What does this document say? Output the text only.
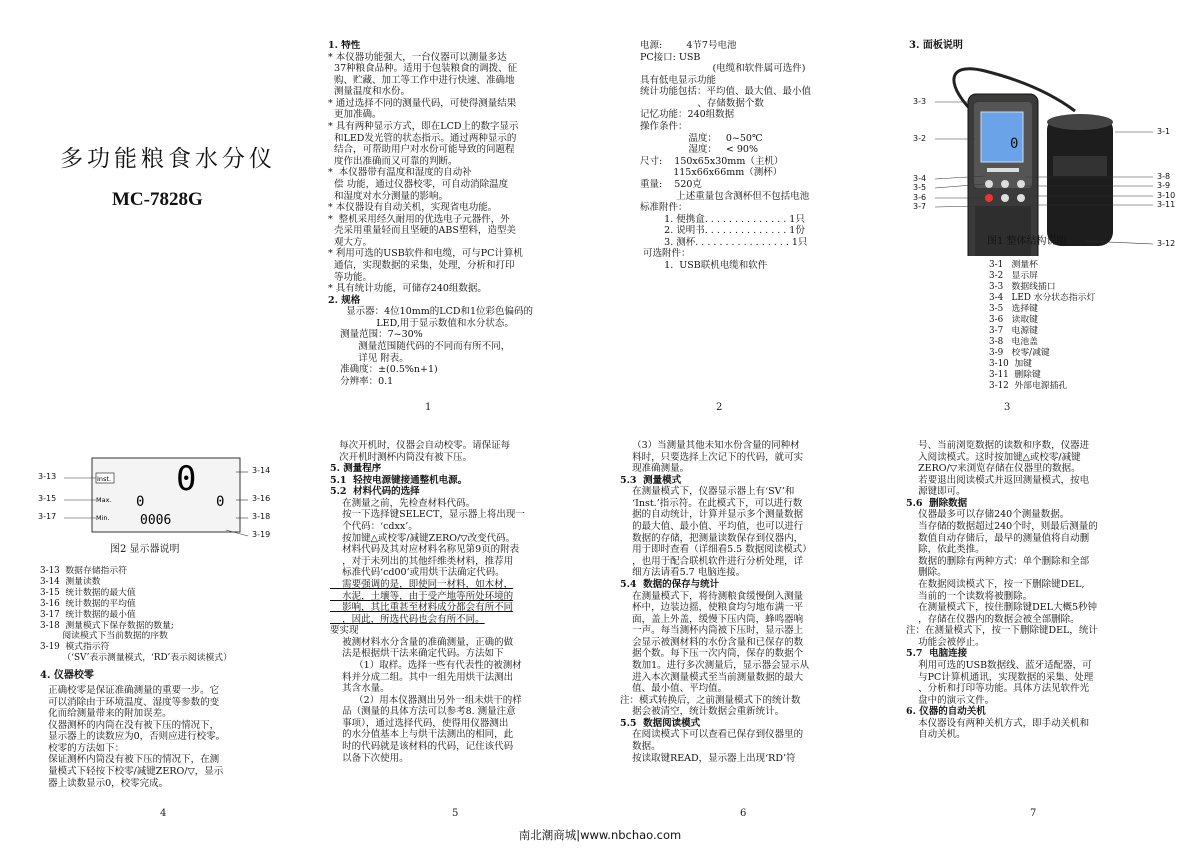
多功能粮食水分仪
MC-7828G
1. 特性
* 本仪器功能强大，一台仪器可以测量多达
37种粮食品种。适用于包装粮食的调拨、征
购、贮藏、加工等工作中进行快速、准确地
测量温度和水份。
* 通过选择不同的测量代码，可使得测量结果
更加准确。
* 具有两种显示方式，即在LCD上的数字显示
和LED发光管的状态指示。通过两种显示的
结合，可帮助用户对水份可能导致的问题程
度作出准确而又可靠的判断。
*  本仪器带有温度和湿度的自动补
偿 功能，通过仪器校零，可自动消除温度
和湿度对水分测量的影响。
* 本仪器设有自动关机，实现省电功能。
*  整机采用经久耐用的优选电子元器件，外
壳采用重量轻而且坚硬的ABS塑料，造型美
观大方。
* 利用可选的USB软件和电缆，可与PC计算机
通信，实现数据的采集，处理，分析和打印
等功能。
* 具有统计功能，可储存240组数据。
2. 规格
显示器：4位10mm的LCD和1位彩色偏码的
LED,用于显示数值和水分状态。
测量范围：7~30%
测量范围随代码的不同而有所不同，
详见 附表。
准确度：±(0.5%n+1)
分辨率：0.1
1
电源:        4节7号电池
PC接口: USB
(电缆和软件属可选件)
具有低电显示功能
统计功能包括：平均值、最大值、最小值
、存储数据个数
记忆功能：240组数据
操作条件：
温度：   0~50℃
湿度：   < 90%
尺寸:    150x65x30mm（主机）
115x66x66mm（测杯）
重量:    520克
上述重量包含测杯但不包括电池
标准附件：
1. 便携盒. . . . . . . . . . . . . . 1只
2. 说明书. . . . . . . . . . . . . . 1份
3. 测杯. . . . . . . . . . . . . . . . 1只
可选附件：
1.  USB联机电缆和软件
2
3. 面板说明
0
3-3
3-2
3-4
3-5
3-6
3-7
3-1
3-8
3-9
3-10
3-11
3-12
图1 整体结构说明
3-1   测量杯
3-2   显示屏
3-3   数据线插口
3-4   LED 水分状态指示灯
3-5   选择键
3-6   读取键
3-7   电源键
3-8   电池盖
3-9   校零/减键
3-10  加键
3-11  删除键
3-12  外部电源插孔
3
Inst. 0
Max. 0	0
Min. 0006
3-13
3-15
3-17
3-14
3-16
3-18
3-19
图2 显示器说明
3-13  数据存储指示符
3-14  测量读数
3-15  统计数据的最大值
3-16  统计数据的平均值
3-17  统计数据的最小值
3-18  测量模式下保存数据的数量;
阅读模式下当前数据的序数
3-19  模式指示符
（‘SV’表示测量模式，‘RD’表示阅读模式）
4. 仪器校零
正确校零是保证准确测量的重要一步。它
可以消除由于环境温度、湿度等参数的变
化而给测量带来的附加误差。
仪器测杯的内筒在没有被下压的情况下，
显示器上的读数应为0，否则应进行校零。
校零的方法如下：
保证测杯内筒没有被下压的情况下，在测
量模式下轻按下校零/减键ZERO/▽，显示
器上读数显示0，校零完成。
4
每次开机时，仪器会自动校零。请保证每
次开机时测杯内筒没有被下压。
5. 测量程序
5.1  轻按电源键接通整机电源。
5.2  材料代码的选择
在测量之前，先检查材料代码。
按一下选择键SELECT，显示器上将出现一
个代码：‘cdxx’。
按加键△或校零/减键ZERO/▽改变代码。
材料代码及其对应材料名称见第9页的附表
，对于未列出的其他纤维类材料，推荐用
标准代码‘cd00’或用烘干法确定代码。
需要强调的是，即使同一材料，如木材，
水泥，土壤等，由于受产地等所处环境的
影响，其比重甚至材料成分都会有所不同
，因此，所选代码也会有所不同。
要实现
被测材料水分含量的准确测量，正确的做
法是根据烘干法来确定代码。方法如下
（1）取样。选择一些有代表性的被测材
料并分成二组。其中一组先用烘干法测出
其含水量。
（2）用本仪器测出另外一组未烘干的样
品（测量的具体方法可以参考8. 测量注意
事项），通过选择代码，使得用仪器测出
的水分值基本上与烘干法测出的相同，此
时的代码就是该材料的代码，记住该代码
以备下次使用。
5
（3）当测量其他未知水份含量的同种材
料时，只要选择上次记下的代码，就可实
现准确测量。
5.3  测量模式
在测量模式下，仪器显示器上有‘SV’和
‘Inst.’指示符。在此模式下，可以进行数
据的自动统计，计算并显示多个测量数据
的最大值、最小值、平均值，也可以进行
数据的存储，把测量读数保存到仪器内，
用于即时查看（详细看5.5 数据阅读模式）
，也用于配合联机软件进行分析处理，详
细方法请看5.7 电脑连接。
5.4  数据的保存与统计
在测量模式下，将待测粮食缓慢倒入测量
杯中，边装边摇，使粮食均匀地布满一平
面，盖上外盖，缓慢下压内筒，蜂鸣器响
一声。每当测杯内筒被下压时，显示器上
会显示被测材料的水份含量和已保存的数
据个数。每下压一次内筒，保存的数据个
数加1。进行多次测量后，显示器会显示从
进入本次测量模式至当前测量数据的最大
值、最小值、平均值。
注：模式转换后，之前测量模式下的统计数
据会被清空，统计数据会重新统计。
5.5  数据阅读模式
在阅读模式下可以查看已保存到仪器里的
数据。
按读取键READ，显示器上出现‘RD’符
6
号、当前浏览数据的读数和序数，仪器进
入阅读模式。这时按加键△或校零/减键
ZERO/▽来浏览存储在仪器里的数据。
若要退出阅读模式并返回测量模式，按电
源键即可。
5.6  删除数据
仪器最多可以存储240个测量数据。
当存储的数据超过240个时，则最后测量的
数值自动存储后，最早的测量值将自动删
除，依此类推。
数据的删除有两种方式：单个删除和全部
删除。
在数据阅读模式下，按一下删除键DEL,
当前的一个读数将被删除。
在测量模式下，按住删除键DEL大概5秒钟
，存储在仪器内的数据会被全部删除。
注：在测量模式下，按一下删除键DEL，统计
功能会被停止。
5.7  电脑连接
利用可选的USB数据线、蓝牙适配器，可
与PC计算机通讯，实现数据的采集、处理
、分析和打印等功能。具体方法见软件光
盘中的演示文件。
6. 仪器的自动关机
本仪器设有两种关机方式，即手动关机和
自动关机。
7
南北潮商城|www.nbchao.com
